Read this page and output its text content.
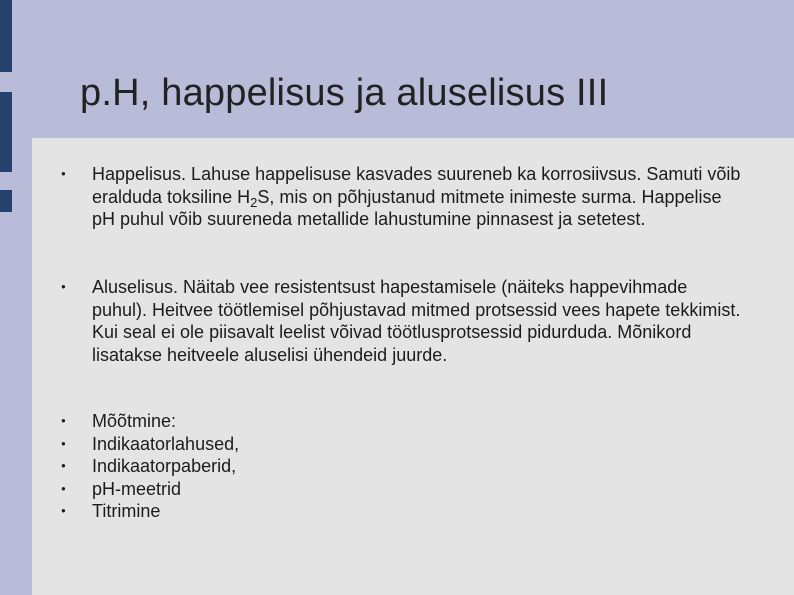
p.H, happelisus ja aluselisus III
● Happelisus. Lahuse happelisuse kasvades suureneb ka korrosiivsus. Samuti võib eralduda toksiline $H_2S$, mis on põhjustanud mitmete inimeste surma. Happelise pH puhul võib suureneda metallide lahustumine pinnasest ja setetest.
● Aluselisus. Näitab vee resistentsust hapestamisele (näiteks happevihmade puhul). Heitvee töötlemisel põhjustavad mitmed protsessid vees hapete tekkimist. Kui seal ei ole piisavalt leelist võivad töötlusprotsessid pidurduda. Mõnikord lisatakse heitveele aluselisi ühendeid juurde.
● Mõõtmine:
● Indikaatorlahused,
● Indikaatorpaberid,
● pH-meetrid
● Titrimine
